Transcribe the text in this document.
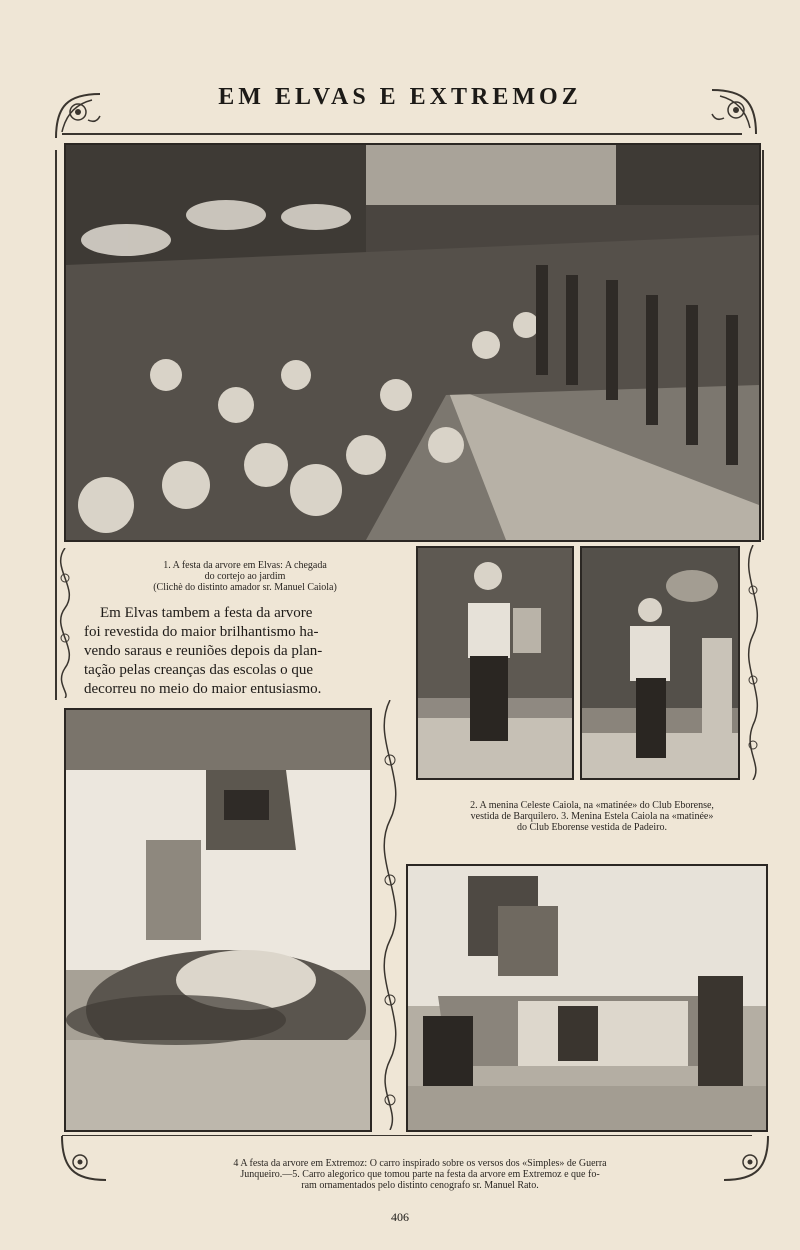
EM ELVAS E EXTREMOZ
1. A festa da arvore em Elvas: A chegada
do cortejo ao jardim
(Clichè do distinto amador sr. Manuel Caiola)
Em Elvas tambem a festa da arvore
foi revestida do maior brilhantismo ha-
vendo saraus e reuniões depois da plan-
tação pelas creanças das escolas o que
decorreu no meio do maior entusiasmo.
2. A menina Celeste Caiola, na «matinée» do Club Eborense,
vestida de Barquilero. 3. Menina Estela Caiola na «matinée»
do Club Eborense vestida de Padeiro.
4 A festa da arvore em Extremoz: O carro inspirado sobre os versos dos «Simples» de Guerra
Junqueiro.—5. Carro alegorico que tomou parte na festa da arvore em Extremoz e que fo-
ram ornamentados pelo distinto cenografo sr. Manuel Rato.
406
